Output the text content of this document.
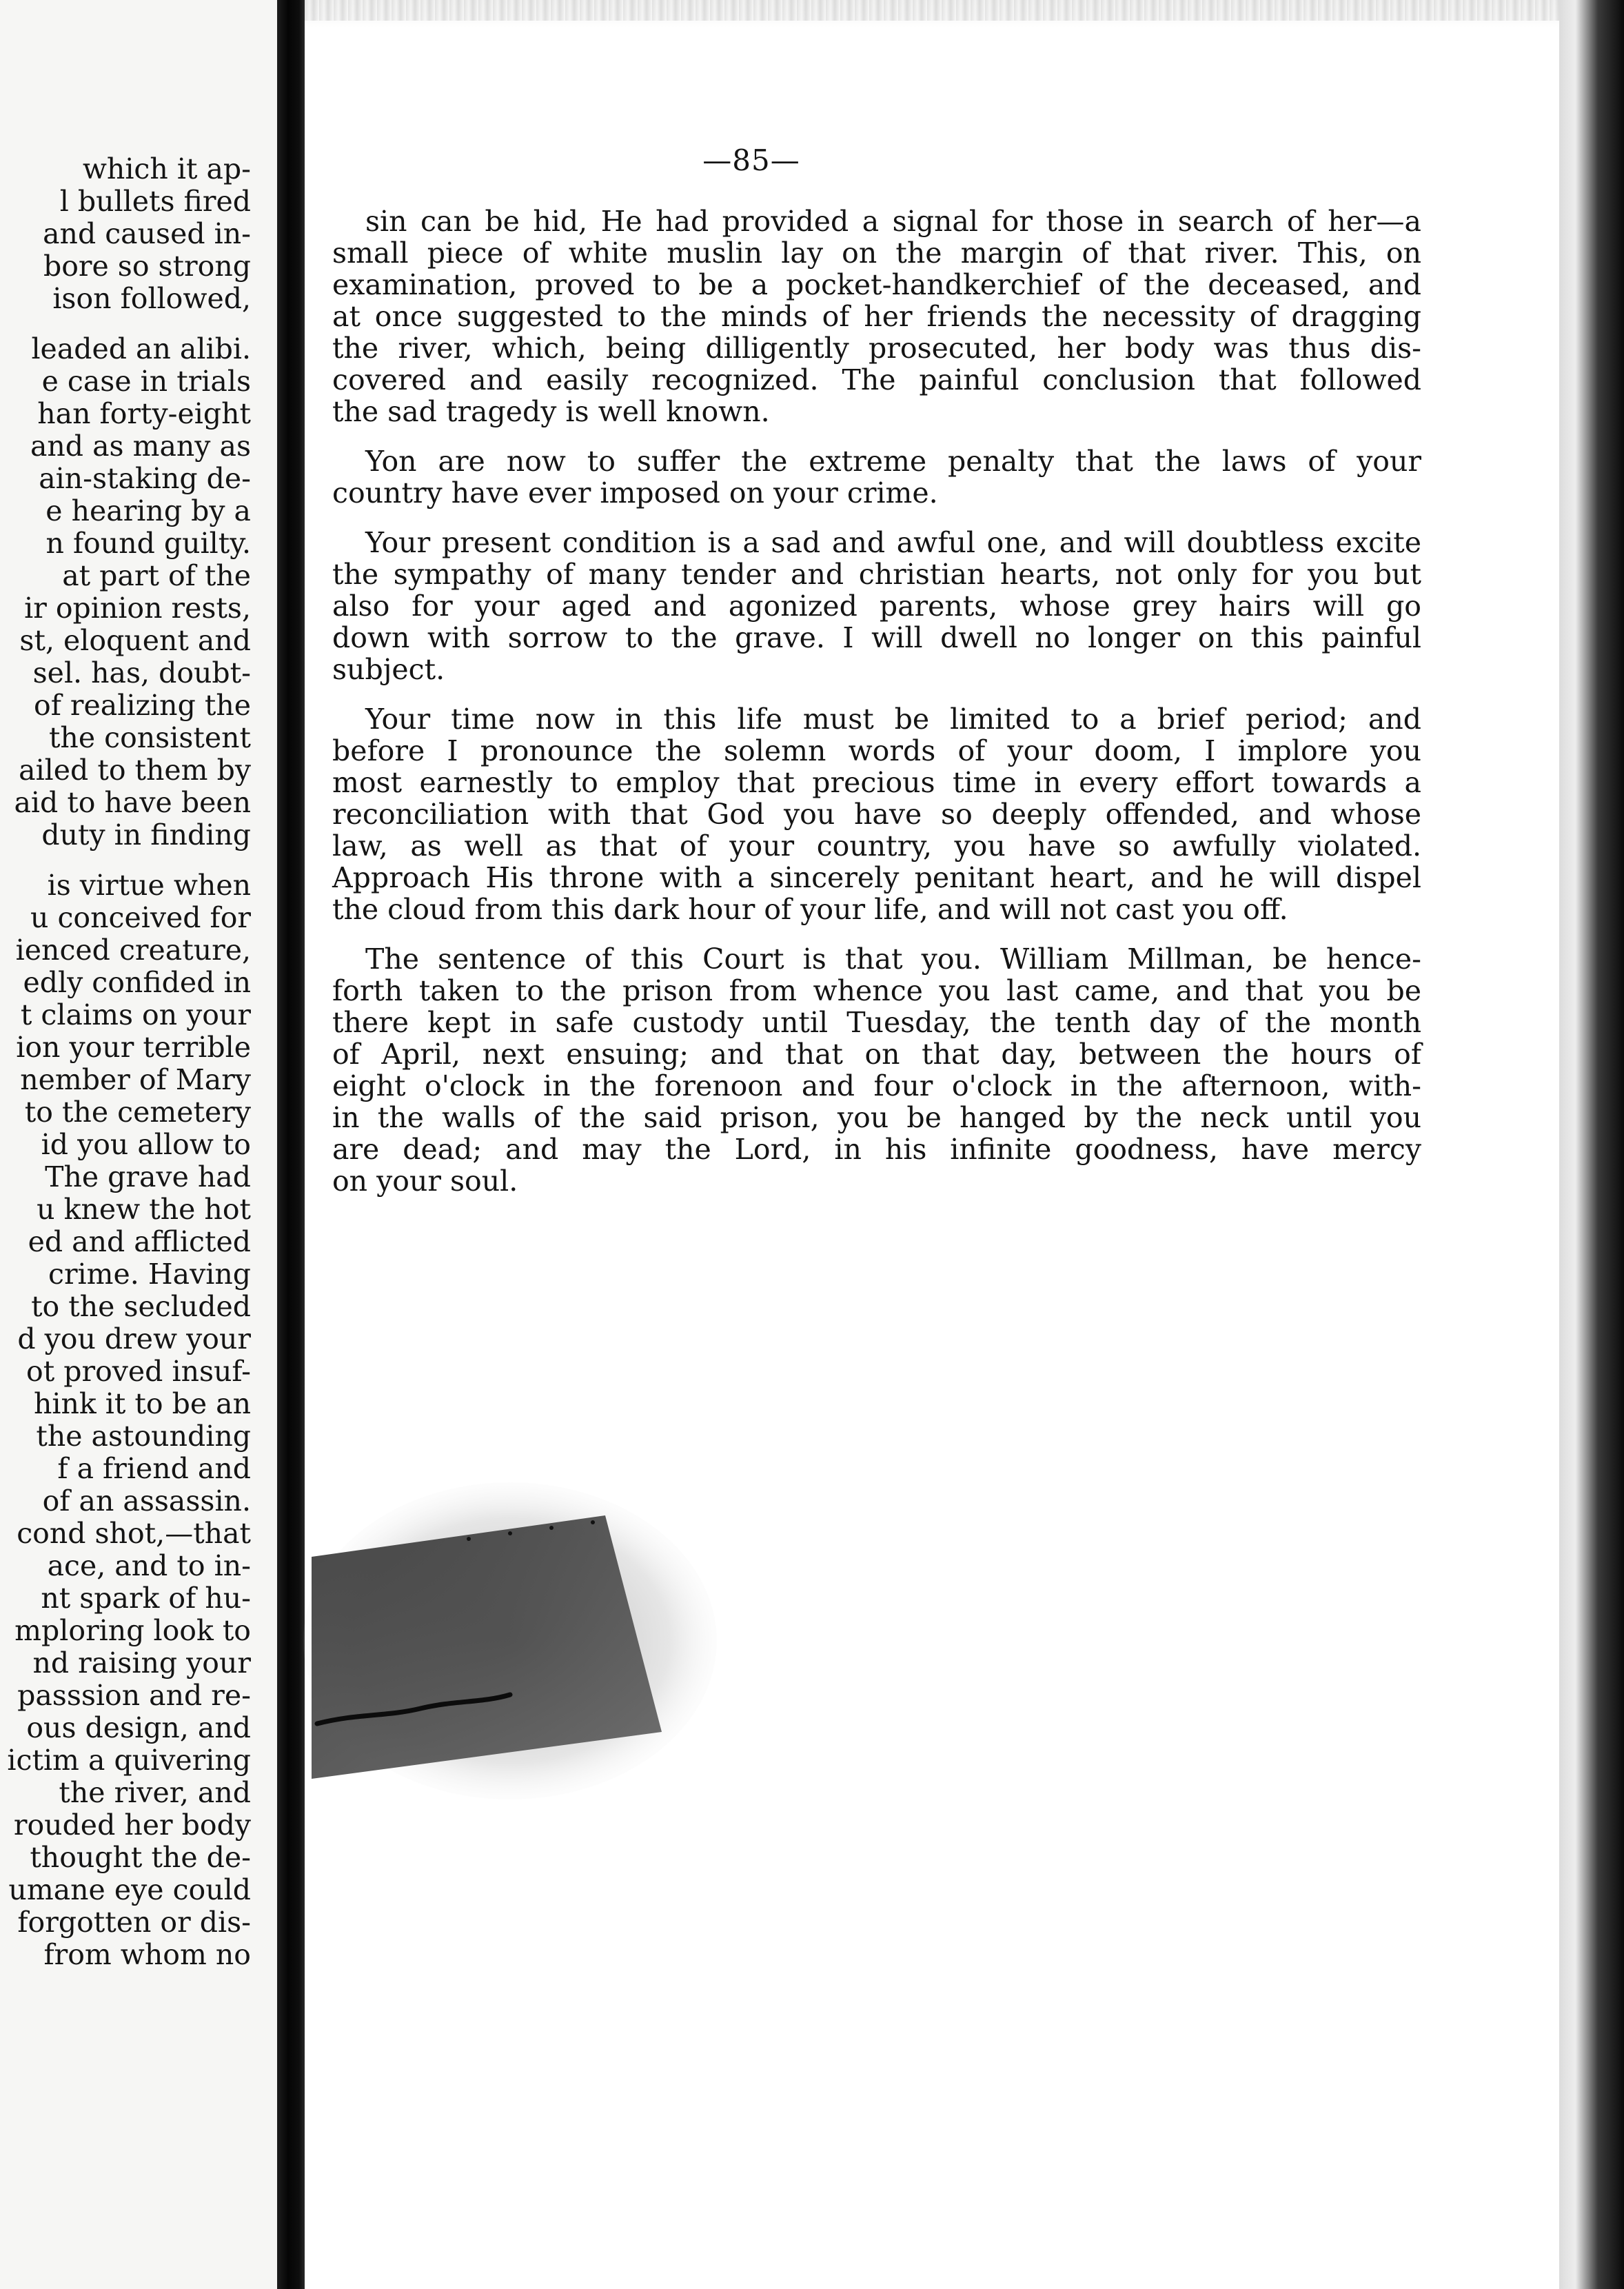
which it ap-
l bullets fired
and caused in-
bore so strong
ison followed,
leaded an alibi.
e case in trials
han forty-eight
and as many as
ain-staking de-
e hearing by a
n found guilty.
at part of the
ir opinion rests,
st, eloquent and
sel. has, doubt-
of realizing the
the consistent
ailed to them by
aid to have been
duty in finding
is virtue when
u conceived for
ienced creature,
edly confided in
t claims on your
ion your terrible
nember of Mary
to the cemetery
id you allow to
The grave had
u knew the hot
ed and afflicted
crime. Having
to the secluded
d you drew your
ot proved insuf-
hink it to be an
the astounding
f a friend and
of an assassin.
cond shot,—that
ace, and to in-
nt spark of hu-
mploring look to
nd raising your
passsion and re-
ous design, and
ictim a quivering
the river, and
rouded her body
thought the de-
umane eye could
forgotten or dis-
from whom no
—85—
sin can be hid, He had provided a signal for those in search of her—a
small piece of white muslin lay on the margin of that river. This, on
examination, proved to be a pocket-handkerchief of the deceased, and
at once suggested to the minds of her friends the necessity of dragging
the river, which, being dilligently prosecuted, her body was thus dis-
covered and easily recognized. The painful conclusion that followed
the sad tragedy is well known.
Yon are now to suffer the extreme penalty that the laws of your
country have ever imposed on your crime.
Your present condition is a sad and awful one, and will doubtless excite
the sympathy of many tender and christian hearts, not only for you but
also for your aged and agonized parents, whose grey hairs will go
down with sorrow to the grave. I will dwell no longer on this painful
subject.
Your time now in this life must be limited to a brief period; and
before I pronounce the solemn words of your doom, I implore you
most earnestly to employ that precious time in every effort towards a
reconciliation with that God you have so deeply offended, and whose
law, as well as that of your country, you have so awfully violated.
Approach His throne with a sincerely penitant heart, and he will dispel
the cloud from this dark hour of your life, and will not cast you off.
The sentence of this Court is that you. William Millman, be hence-
forth taken to the prison from whence you last came, and that you be
there kept in safe custody until Tuesday, the tenth day of the month
of April, next ensuing; and that on that day, between the hours of
eight o'clock in the forenoon and four o'clock in the afternoon, with-
in the walls of the said prison, you be hanged by the neck until you
are dead; and may the Lord, in his infinite goodness, have mercy
on your soul.
